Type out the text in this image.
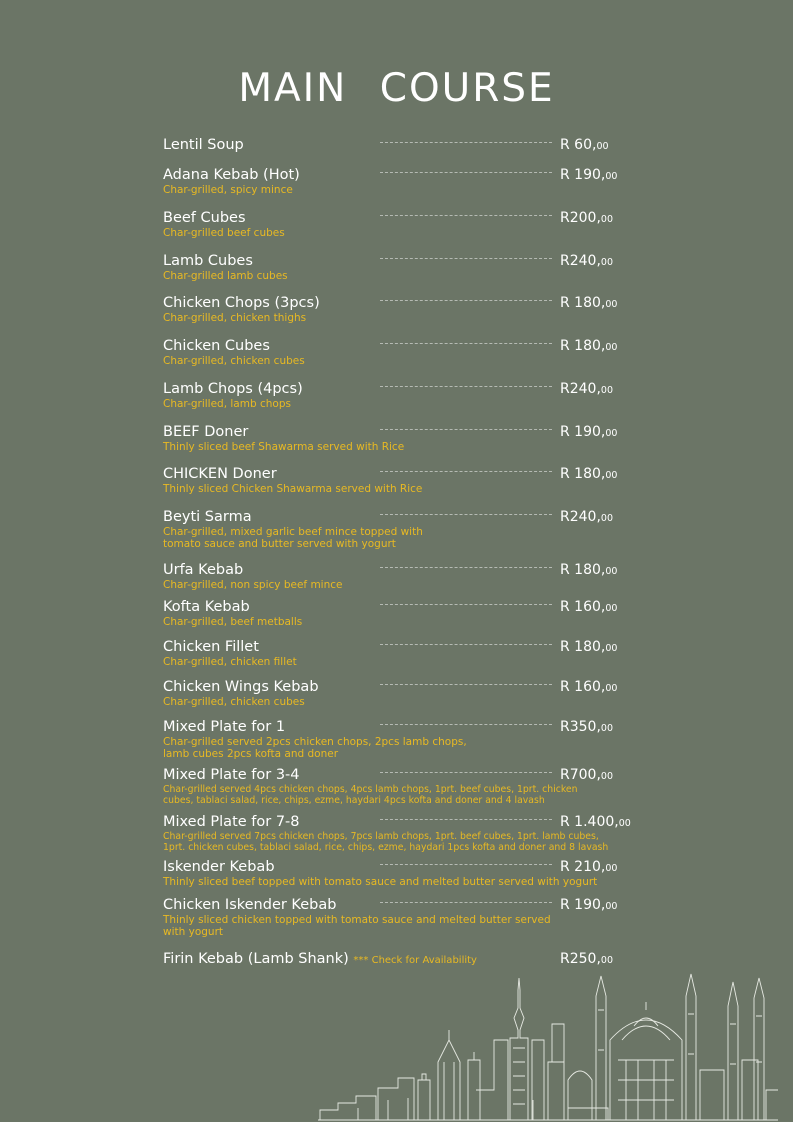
MAIN COURSE
Lentil Soup	R 60,00
Adana Kebab (Hot)
Char-grilled, spicy mince
R 190,00
Beef Cubes
Char-grilled beef cubes
R200,00
Lamb Cubes
Char-grilled lamb cubes
R240,00
Chicken Chops (3pcs)
Char-grilled, chicken thighs
R 180,00
Chicken Cubes
Char-grilled, chicken cubes
R 180,00
Lamb Chops (4pcs)
Char-grilled, lamb chops
R240,00
BEEF Doner
Thinly sliced beef Shawarma served with Rice
R 190,00
CHICKEN Doner
Thinly sliced Chicken Shawarma served with Rice
R 180,00
Beyti Sarma
Char-grilled, mixed garlic beef mince topped with
tomato sauce and butter served with yogurt
R240,00
Urfa Kebab
Char-grilled, non spicy beef mince
R 180,00
Kofta Kebab
Char-grilled, beef metballs
R 160,00
Chicken Fillet
Char-grilled, chicken fillet
R 180,00
Chicken Wings Kebab
Char-grilled, chicken cubes
R 160,00
Mixed Plate for 1
Char-grilled served 2pcs chicken chops, 2pcs lamb chops,
lamb cubes 2pcs kofta and doner
R350,00
Mixed Plate for 3-4
Char-grilled served 4pcs chicken chops, 4pcs lamb chops, 1prt. beef cubes, 1prt. chicken
cubes, tablaci salad, rice, chips, ezme, haydari 4pcs kofta and doner and 4 lavash
R700,00
Mixed Plate for 7-8
Char-grilled served 7pcs chicken chops, 7pcs lamb chops, 1prt. beef cubes, 1prt. lamb cubes,
1prt. chicken cubes, tablaci salad, rice, chips, ezme, haydari 1pcs kofta and doner and 8 lavash
R 1.400,00
Iskender Kebab
Thinly sliced beef topped with tomato sauce and melted butter served with yogurt
R 210,00
Chicken Iskender Kebab
Thinly sliced chicken topped with tomato sauce and melted butter served
with yogurt
R 190,00
Firin Kebab (Lamb Shank) *** Check for Availability	R250,00
